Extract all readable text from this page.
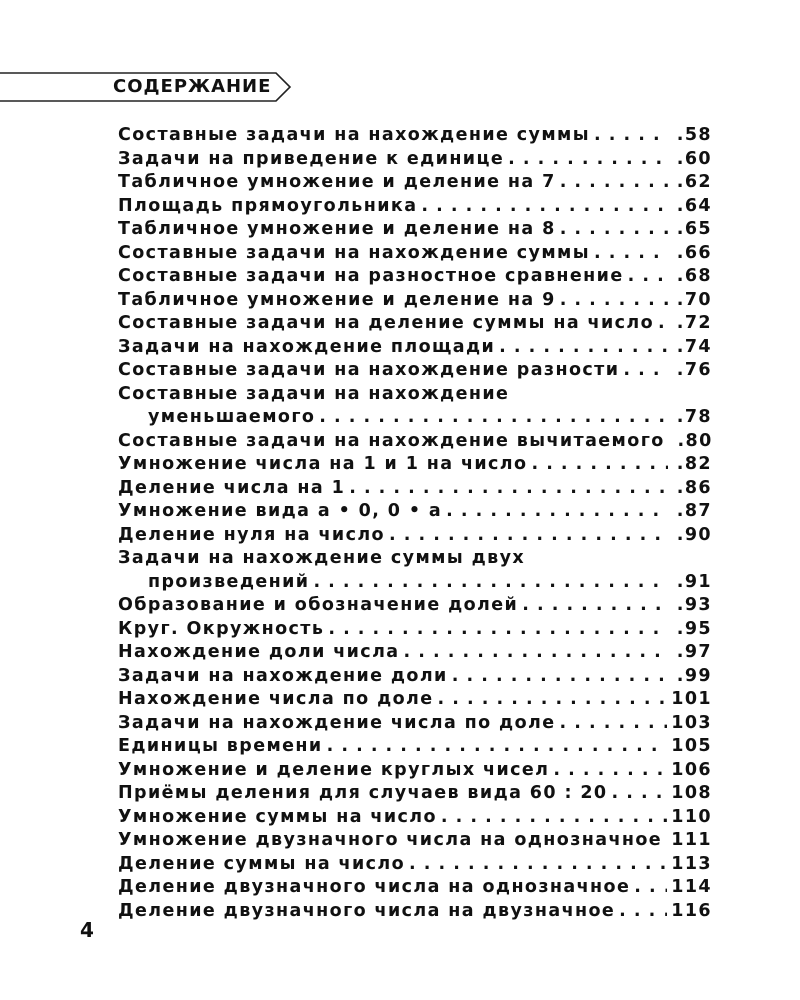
СОДЕРЖАНИЕ
Составные задачи на нахождение суммы . . .	.58
Задачи на приведение к единице . . .	.60
Табличное умножение и деление на 7 . . .	.62
Площадь прямоугольника . . .	.64
Табличное умножение и деление на 8 . . .	.65
Составные задачи на нахождение суммы . . .	.66
Составные задачи на разностное сравнение . . .	.68
Табличное умножение и деление на 9 . . .	.70
Составные задачи на деление суммы на число . . . .72
Задачи на нахождение площади . . .	.74
Составные задачи на нахождение разности . . .	.76
Составные задачи на нахождение
уменьшаемого . . .	.78
Составные задачи на нахождение вычитаемого .80
Умножение числа на 1 и 1 на число . . .	.82
Деление числа на 1 . . .	.86
Умножение вида а • 0, 0 • а . . .	.87
Деление нуля на число . . .	.90
Задачи на нахождение суммы двух
произведений . . .	.91
Образование и обозначение долей . . .	.93
Круг. Окружность . . .	.95
Нахождение доли числа . . .	.97
Задачи на нахождение доли . . .	.99
Нахождение числа по доле . . .	101
Задачи на нахождение числа по доле . . .	103
Единицы времени . . .	105
Умножение и деление круглых чисел . . .	106
Приёмы деления для случаев вида 60 : 20 . . .	108
Умножение суммы на число . . .	110
Умножение двузначного числа на однозначное . . . 111
Деление суммы на число . . .	113
Деление двузначного числа на однозначное . . . 114
Деление двузначного числа на двузначное . . .	116
4
